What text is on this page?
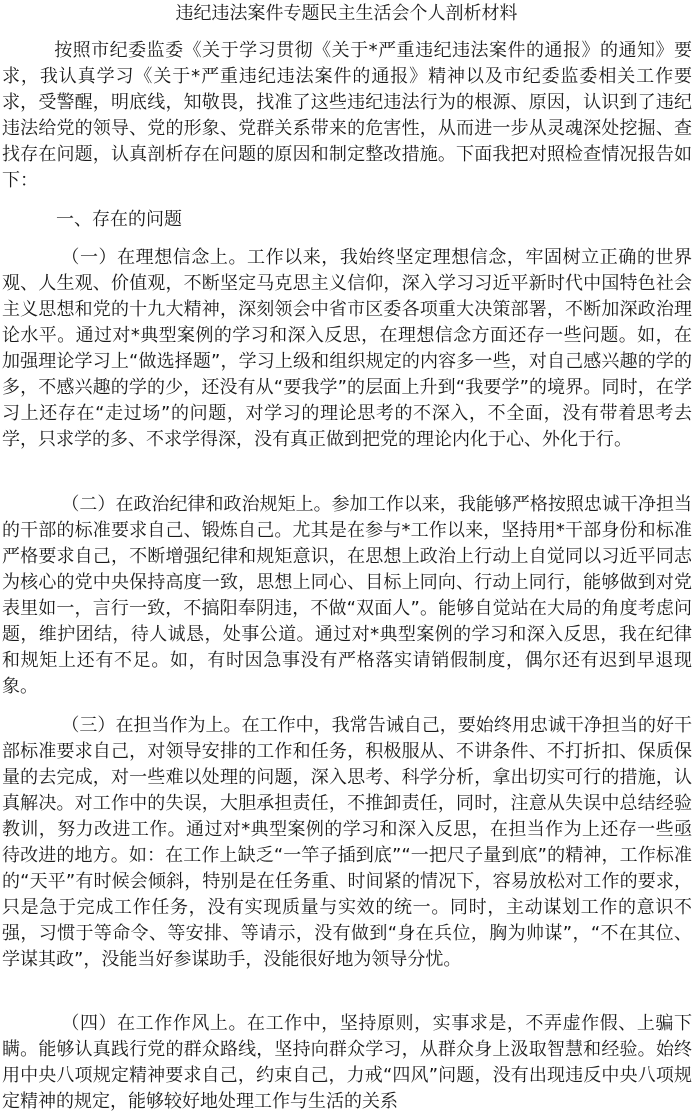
违纪违法案件专题民主生活会个人剖析材料

按照市纪委监委《关于学习贯彻《关于*严重违纪违法案件的通报》的通知》要求，我认真学习《关于*严重违纪违法案件的通报》精神以及市纪委监委相关工作要求，受警醒，明底线，知敬畏，找准了这些违纪违法行为的根源、原因，认识到了违纪违法给党的领导、党的形象、党群关系带来的危害性，从而进一步从灵魂深处挖掘、查找存在问题，认真剖析存在问题的原因和制定整改措施。下面我把对照检查情况报告如下：

一、存在的问题

（一）在理想信念上。工作以来，我始终坚定理想信念，牢固树立正确的世界观、人生观、价值观，不断坚定马克思主义信仰，深入学习习近平新时代中国特色社会主义思想和党的十九大精神，深刻领会中省市区委各项重大决策部署，不断加深政治理论水平。通过对*典型案例的学习和深入反思，在理想信念方面还存一些问题。如，在加强理论学习上“做选择题”，学习上级和组织规定的内容多一些，对自己感兴趣的学的多，不感兴趣的学的少，还没有从“要我学”的层面上升到“我要学”的境界。同时，在学习上还存在“走过场”的问题，对学习的理论思考的不深入，不全面，没有带着思考去学，只求学的多、不求学得深，没有真正做到把党的理论内化于心、外化于行。

（二）在政治纪律和政治规矩上。参加工作以来，我能够严格按照忠诚干净担当的干部的标准要求自己、锻炼自己。尤其是在参与*工作以来，坚持用*干部身份和标准严格要求自己，不断增强纪律和规矩意识，在思想上政治上行动上自觉同以习近平同志为核心的党中央保持高度一致，思想上同心、目标上同向、行动上同行，能够做到对党表里如一，言行一致，不搞阳奉阴违，不做“双面人”。能够自觉站在大局的角度考虑问题，维护团结，待人诚恳，处事公道。通过对*典型案例的学习和深入反思，我在纪律和规矩上还有不足。如，有时因急事没有严格落实请销假制度，偶尔还有迟到早退现象。

（三）在担当作为上。在工作中，我常告诫自己，要始终用忠诚干净担当的好干部标准要求自己，对领导安排的工作和任务，积极服从、不讲条件、不打折扣、保质保量的去完成，对一些难以处理的问题，深入思考、科学分析，拿出切实可行的措施，认真解决。对工作中的失误，大胆承担责任，不推卸责任，同时，注意从失误中总结经验教训，努力改进工作。通过对*典型案例的学习和深入反思，在担当作为上还存一些亟待改进的地方。如：在工作上缺乏“一竿子插到底”“一把尺子量到底”的精神，工作标准的“天平”有时候会倾斜，特别是在任务重、时间紧的情况下，容易放松对工作的要求，只是急于完成工作任务，没有实现质量与实效的统一。同时，主动谋划工作的意识不强，习惯于等命令、等安排、等请示，没有做到“身在兵位，胸为帅谋”，“不在其位、学谋其政”，没能当好参谋助手，没能很好地为领导分忧。

（四）在工作作风上。在工作中，坚持原则，实事求是，不弄虚作假、上骗下瞒。能够认真践行党的群众路线，坚持向群众学习，从群众身上汲取智慧和经验。始终用中央八项规定精神要求自己，约束自己，力戒“四风”问题，没有出现违反中央八项规定精神的规定，能够较好地处理工作与生活的关系
